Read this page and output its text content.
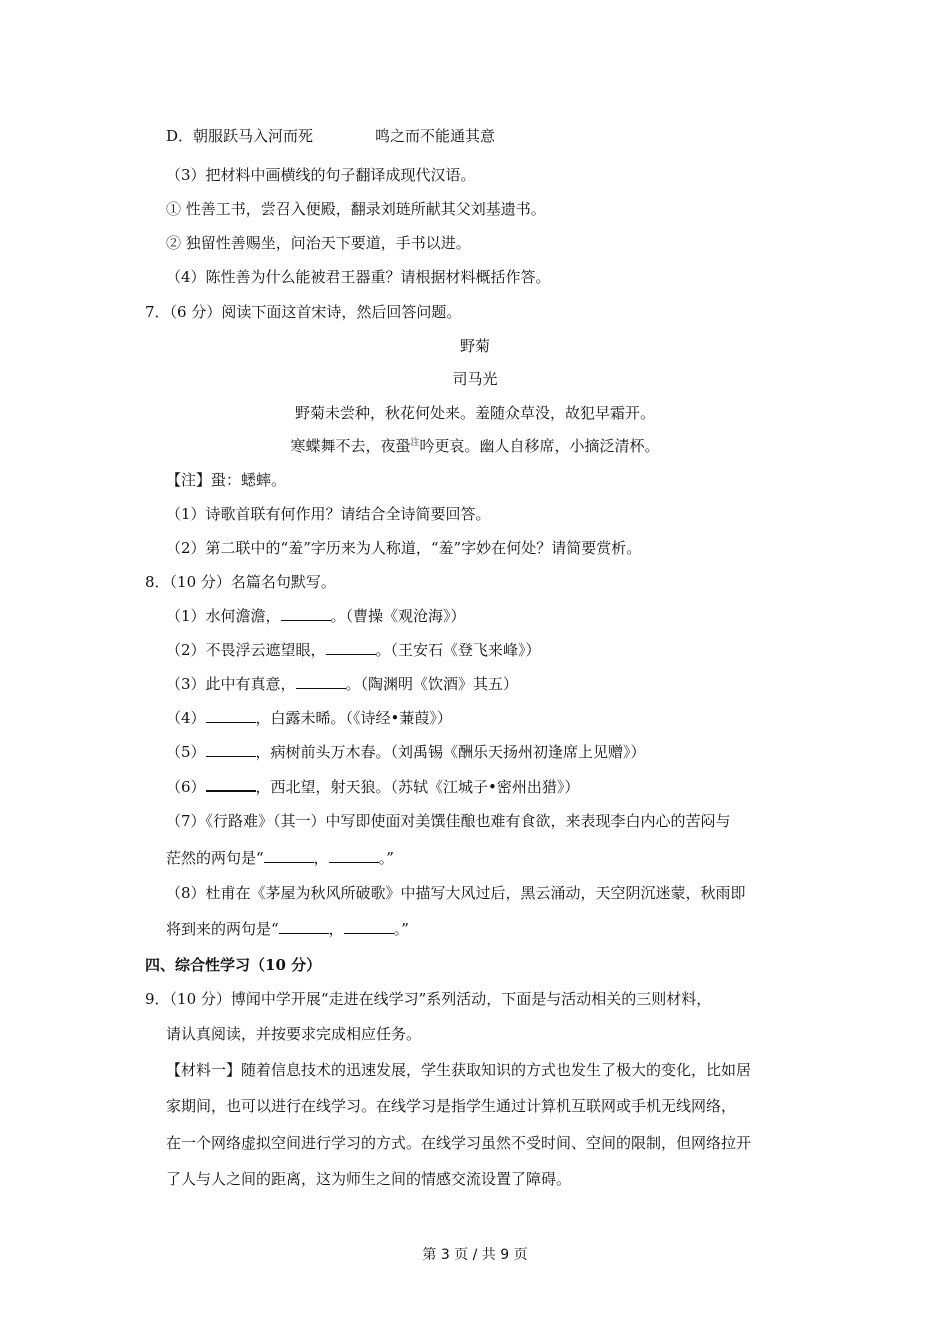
D．朝服跃马入河而死	鸣之而不能通其意
（3）把材料中画横线的句子翻译成现代汉语。
① 性善工书，尝召入便殿，翻录刘琏所献其父刘基遗书。
② 独留性善赐坐，问治天下要道，手书以进。
（4）陈性善为什么能被君王器重？请根据材料概括作答。
7．（6 分）阅读下面这首宋诗，然后回答问题。
野菊
司马光
野菊未尝种，秋花何处来。羞随众草没，故犯早霜开。
寒蝶舞不去，夜蛩$^注$吟更哀。幽人自移席，小摘泛清杯。
【注】蛩：蟋蟀。
（1）诗歌首联有何作用？请结合全诗简要回答。
（2）第二联中的“羞”字历来为人称道，“羞”字妙在何处？请简要赏析。
8．（10 分）名篇名句默写。
（1）水何澹澹，	。（曹操《观沧海》）
（2）不畏浮云遮望眼，	。（王安石《登飞来峰》）
（3）此中有真意，	。（陶渊明《饮酒》其五）
（4）	，白露未晞。（《诗经•蒹葭》）
（5）	，病树前头万木春。（刘禹锡《酬乐天扬州初逢席上见赠》）
（6）	，西北望，射天狼。（苏轼《江城子•密州出猎》）
（7）《行路难》（其一）中写即使面对美馔佳酿也难有食欲，来表现李白内心的苦闷与
茫然的两句是“	，	。”
（8）杜甫在《茅屋为秋风所破歌》中描写大风过后，黑云涌动，天空阴沉迷蒙，秋雨即
将到来的两句是“	，	。”
四、综合性学习（10 分）
9．（10 分）博闻中学开展“走进在线学习”系列活动，下面是与活动相关的三则材料，
请认真阅读，并按要求完成相应任务。
【材料一】随着信息技术的迅速发展，学生获取知识的方式也发生了极大的变化，比如居
家期间，也可以进行在线学习。在线学习是指学生通过计算机互联网或手机无线网络，
在一个网络虚拟空间进行学习的方式。在线学习虽然不受时间、空间的限制，但网络拉开
了人与人之间的距离，这为师生之间的情感交流设置了障碍。
第 3 页 / 共 9 页
